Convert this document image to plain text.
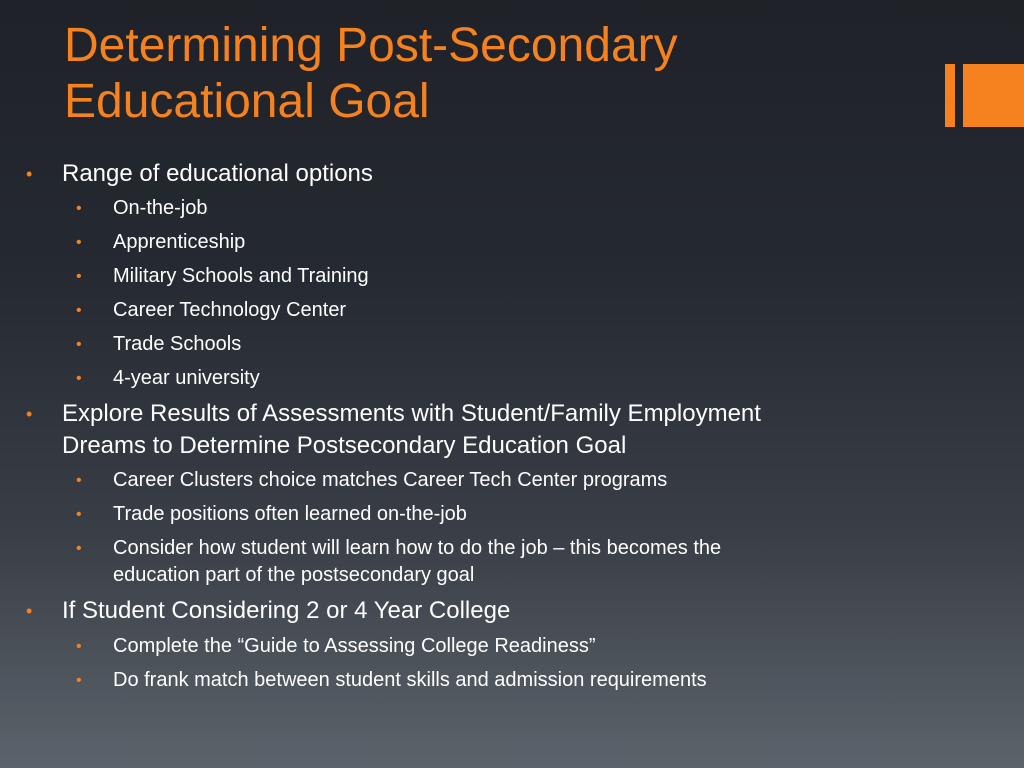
Determining Post-Secondary
Educational Goal
• Range of educational options
• On-the-job
• Apprenticeship
• Military Schools and Training
• Career Technology Center
• Trade Schools
• 4-year university
• Explore Results of Assessments with Student/Family Employment
Dreams to Determine Postsecondary Education Goal
• Career Clusters choice matches Career Tech Center programs
• Trade positions often learned on-the-job
• Consider how student will learn how to do the job – this becomes the
education part of the postsecondary goal
• If Student Considering 2 or 4 Year College
• Complete the “Guide to Assessing College Readiness”
• Do frank match between student skills and admission requirements
